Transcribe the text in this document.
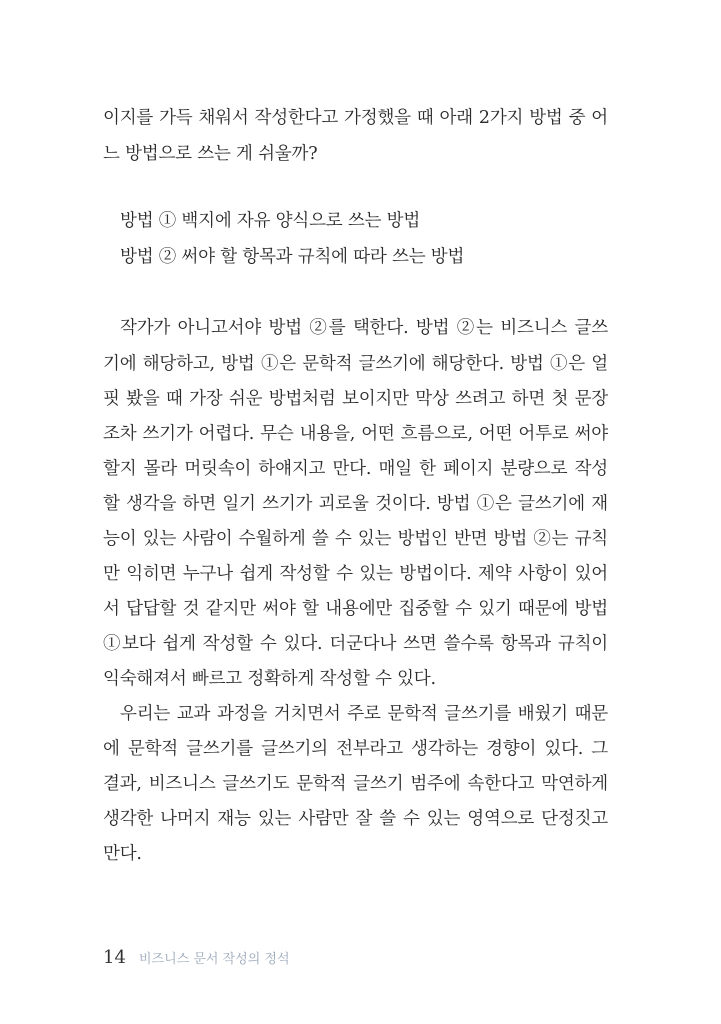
이지를 가득 채워서 작성한다고 가정했을 때 아래 2가지 방법 중 어
느 방법으로 쓰는 게 쉬울까?
방법 ① 백지에 자유 양식으로 쓰는 방법
방법 ② 써야 할 항목과 규칙에 따라 쓰는 방법
작가가 아니고서야 방법 ②를 택한다. 방법 ②는 비즈니스 글쓰
기에 해당하고, 방법 ①은 문학적 글쓰기에 해당한다. 방법 ①은 얼
핏 봤을 때 가장 쉬운 방법처럼 보이지만 막상 쓰려고 하면 첫 문장
조차 쓰기가 어렵다. 무슨 내용을, 어떤 흐름으로, 어떤 어투로 써야
할지 몰라 머릿속이 하얘지고 만다. 매일 한 페이지 분량으로 작성
할 생각을 하면 일기 쓰기가 괴로울 것이다. 방법 ①은 글쓰기에 재
능이 있는 사람이 수월하게 쓸 수 있는 방법인 반면 방법 ②는 규칙
만 익히면 누구나 쉽게 작성할 수 있는 방법이다. 제약 사항이 있어
서 답답할 것 같지만 써야 할 내용에만 집중할 수 있기 때문에 방법
①보다 쉽게 작성할 수 있다. 더군다나 쓰면 쓸수록 항목과 규칙이
익숙해져서 빠르고 정확하게 작성할 수 있다.
우리는 교과 과정을 거치면서 주로 문학적 글쓰기를 배웠기 때문
에 문학적 글쓰기를 글쓰기의 전부라고 생각하는 경향이 있다. 그
결과, 비즈니스 글쓰기도 문학적 글쓰기 범주에 속한다고 막연하게
생각한 나머지 재능 있는 사람만 잘 쓸 수 있는 영역으로 단정짓고
만다.
14 비즈니스 문서 작성의 정석
